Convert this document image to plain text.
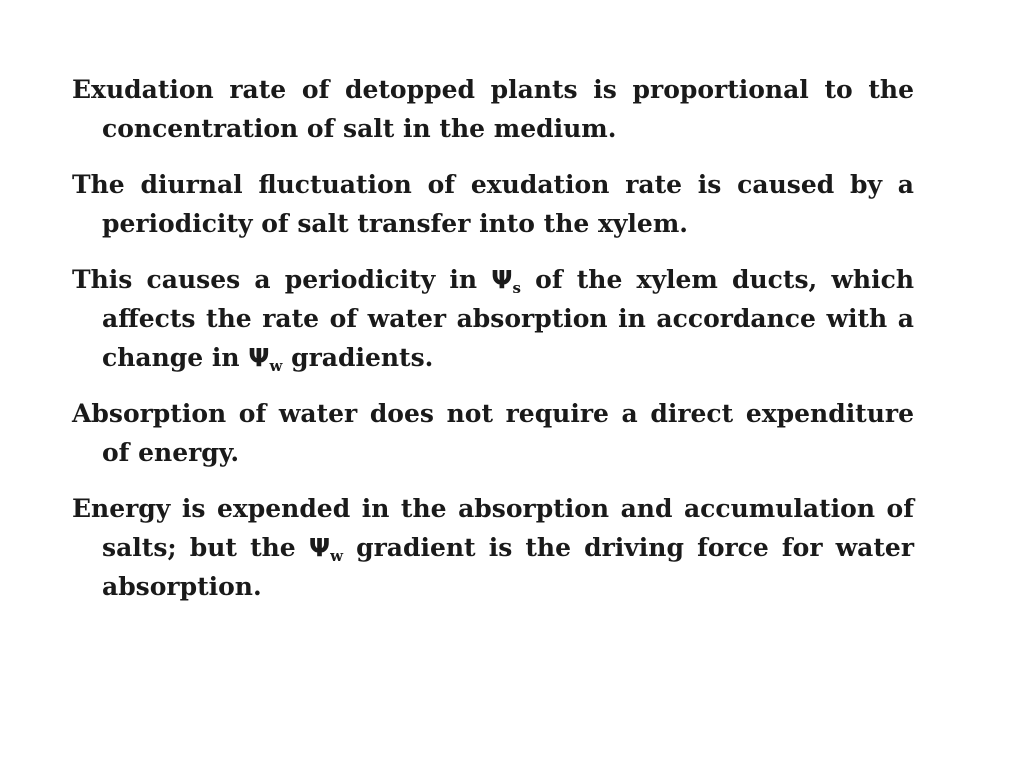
Exudation rate of detopped plants is proportional to the concentration of salt in the medium.

The diurnal fluctuation of exudation rate is caused by a periodicity of salt transfer into the xylem.

This causes a periodicity in $\Psi_s$ of the xylem ducts, which affects the rate of water absorption in accordance with a change in $\Psi_w$ gradients.

Absorption of water does not require a direct expenditure of energy.

Energy is expended in the absorption and accumulation of salts; but the $\Psi_w$ gradient is the driving force for water absorption.
